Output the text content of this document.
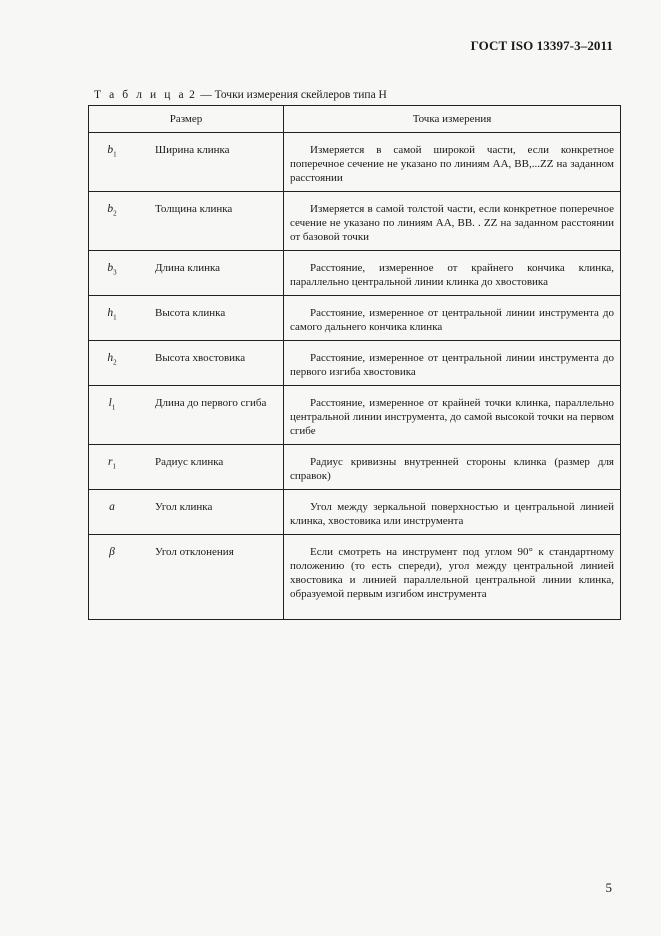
ГОСТ ISO 13397-3–2011
Т а б л и ц а 2 — Точки измерения скейлеров типа Н
Размер	Точка измерения

$b_1$ Ширина клинка	Измеряется в самой широкой части, если конкретное поперечное сечение не указано по линиям АА, ВВ,...ZZ на заданном расстоянии

$b_2$ Толщина клинка	Измеряется в самой толстой части, если конкретное поперечное сечение не указано по линиям АА, ВВ. . ZZ на заданном расстоянии от базовой точки

$b_3$ Длина клинка	Расстояние, измеренное от крайнего кончика клинка, параллельно центральной линии клинка до хвостовика

$h_1$ Высота клинка	Расстояние, измеренное от центральной линии инструмента до самого дальнего кончика клинка

$h_2$ Высота хвостовика	Расстояние, измеренное от центральной линии инструмента до первого изгиба хвостовика

$l_1$ Длина до первого сгиба	Расстояние, измеренное от крайней точки клинка, параллельно центральной линии инструмента, до самой высокой точки на первом сгибе

$r_1$ Радиус клинка	Радиус кривизны внутренней стороны клинка (размер для справок)

a Угол клинка	Угол между зеркальной поверхностью и центральной линией клинка, хвостовика или инструмента

β Угол отклонения	Если смотреть на инструмент под углом 90° к стандартному положению (то есть спереди), угол между центральной линией хвостовика и линией параллельной центральной линии клинка, образуемой первым изгибом инструмента
5
